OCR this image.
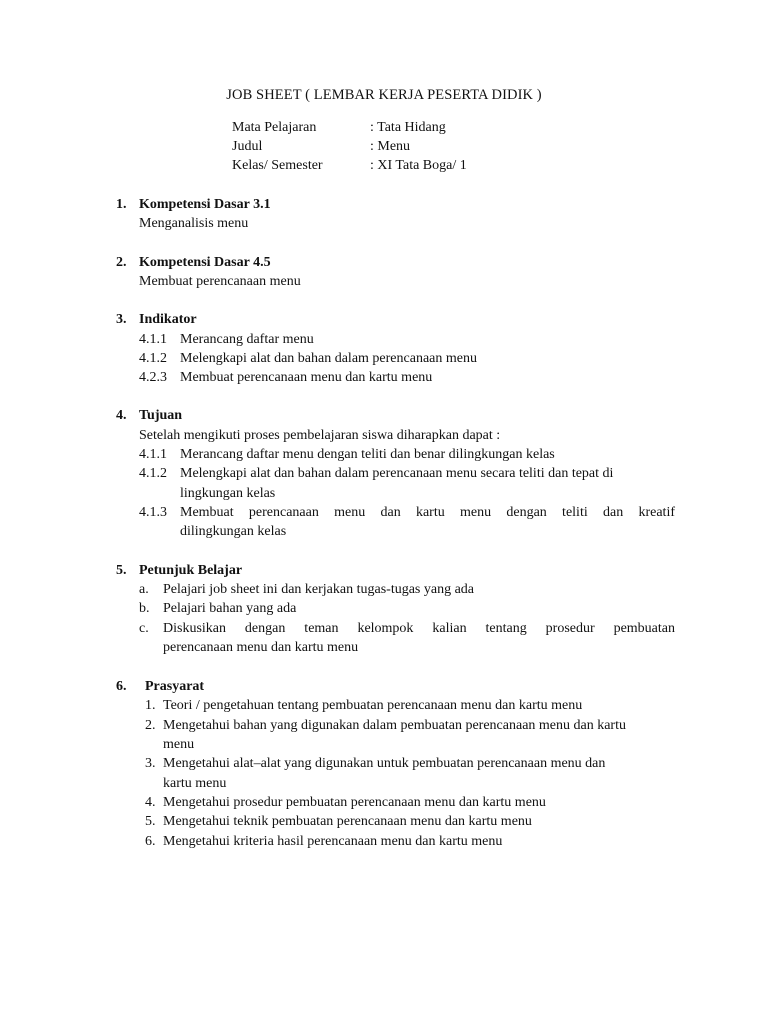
JOB SHEET ( LEMBAR KERJA PESERTA DIDIK )
Mata Pelajaran	: Tata Hidang
Judul	: Menu
Kelas/ Semester	: XI Tata Boga/ 1
1. Kompetensi Dasar 3.1
Menganalisis menu
2. Kompetensi Dasar 4.5
Membuat perencanaan menu
3. Indikator
4.1.1 Merancang daftar menu
4.1.2 Melengkapi alat dan bahan dalam perencanaan menu
4.2.3 Membuat perencanaan menu dan kartu menu
4. Tujuan
Setelah mengikuti proses pembelajaran siswa diharapkan dapat :
4.1.1 Merancang daftar menu dengan teliti dan benar dilingkungan kelas
4.1.2 Melengkapi alat dan bahan dalam perencanaan menu secara teliti dan tepat di
lingkungan kelas
4.1.3 Membuat perencanaan menu dan kartu menu dengan teliti dan kreatif
dilingkungan kelas
5. Petunjuk Belajar
a. Pelajari job sheet ini dan kerjakan tugas-tugas yang ada
b. Pelajari bahan yang ada
c. Diskusikan dengan teman kelompok kalian tentang prosedur pembuatan
perencanaan menu dan kartu menu
6. Prasyarat
1. Teori / pengetahuan tentang pembuatan perencanaan menu dan kartu menu
2. Mengetahui bahan yang digunakan dalam pembuatan perencanaan menu dan kartu
menu
3. Mengetahui alat–alat yang digunakan untuk pembuatan perencanaan menu dan
kartu menu
4. Mengetahui prosedur pembuatan perencanaan menu dan kartu menu
5. Mengetahui teknik pembuatan perencanaan menu dan kartu menu
6. Mengetahui kriteria hasil perencanaan menu dan kartu menu
